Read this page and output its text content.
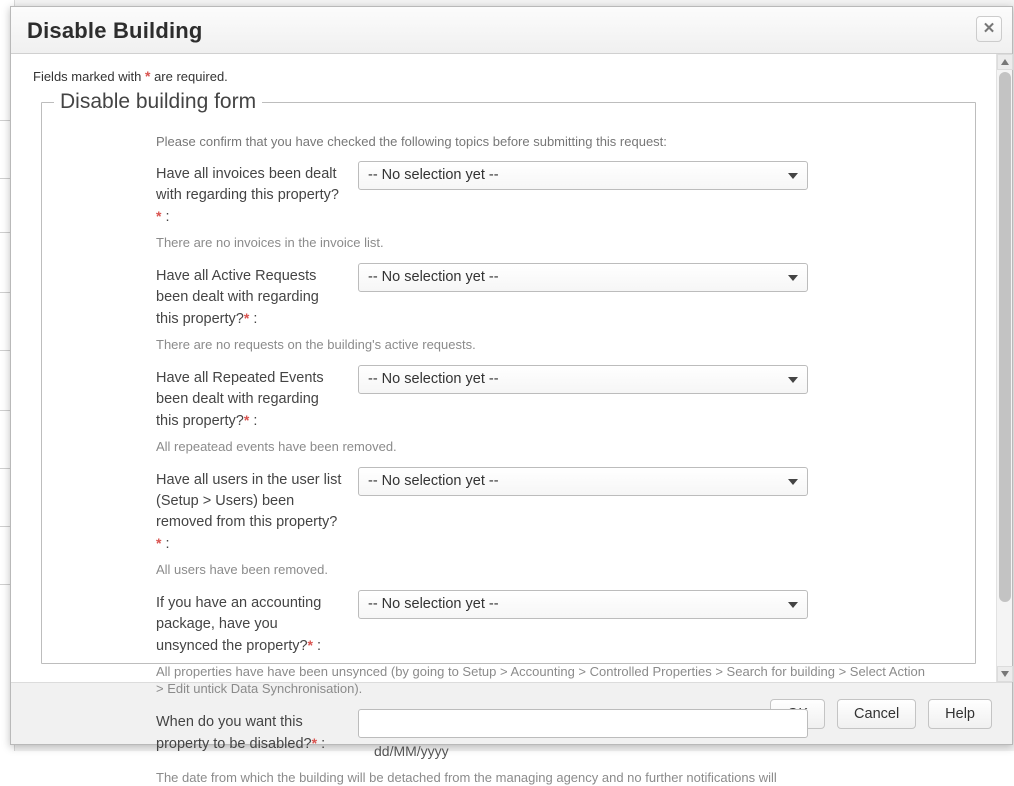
Disable Building	✕
Fields marked with * are required.
Disable building form
Please confirm that you have checked the following topics before submitting this request:
Have all invoices been dealt with regarding this property?* :
-- No selection yet --
There are no invoices in the invoice list.
Have all Active Requests been dealt with regarding this property?* :
-- No selection yet --
There are no requests on the building's active requests.
Have all Repeated Events been dealt with regarding this property?* :
-- No selection yet --
All repeatead events have been removed.
Have all users in the user list (Setup > Users) been removed from this property?* :
-- No selection yet --
All users have been removed.
If you have an accounting package, have you unsynced the property?* :
-- No selection yet --
All properties have have been unsynced (by going to Setup > Accounting > Controlled Properties > Search for building > Select Action > Edit untick Data Synchronisation).
When do you want this property to be disabled?* :	dd/MM/yyyy
The date from which the building will be detached from the managing agency and no further notifications will
Cancel	Help
